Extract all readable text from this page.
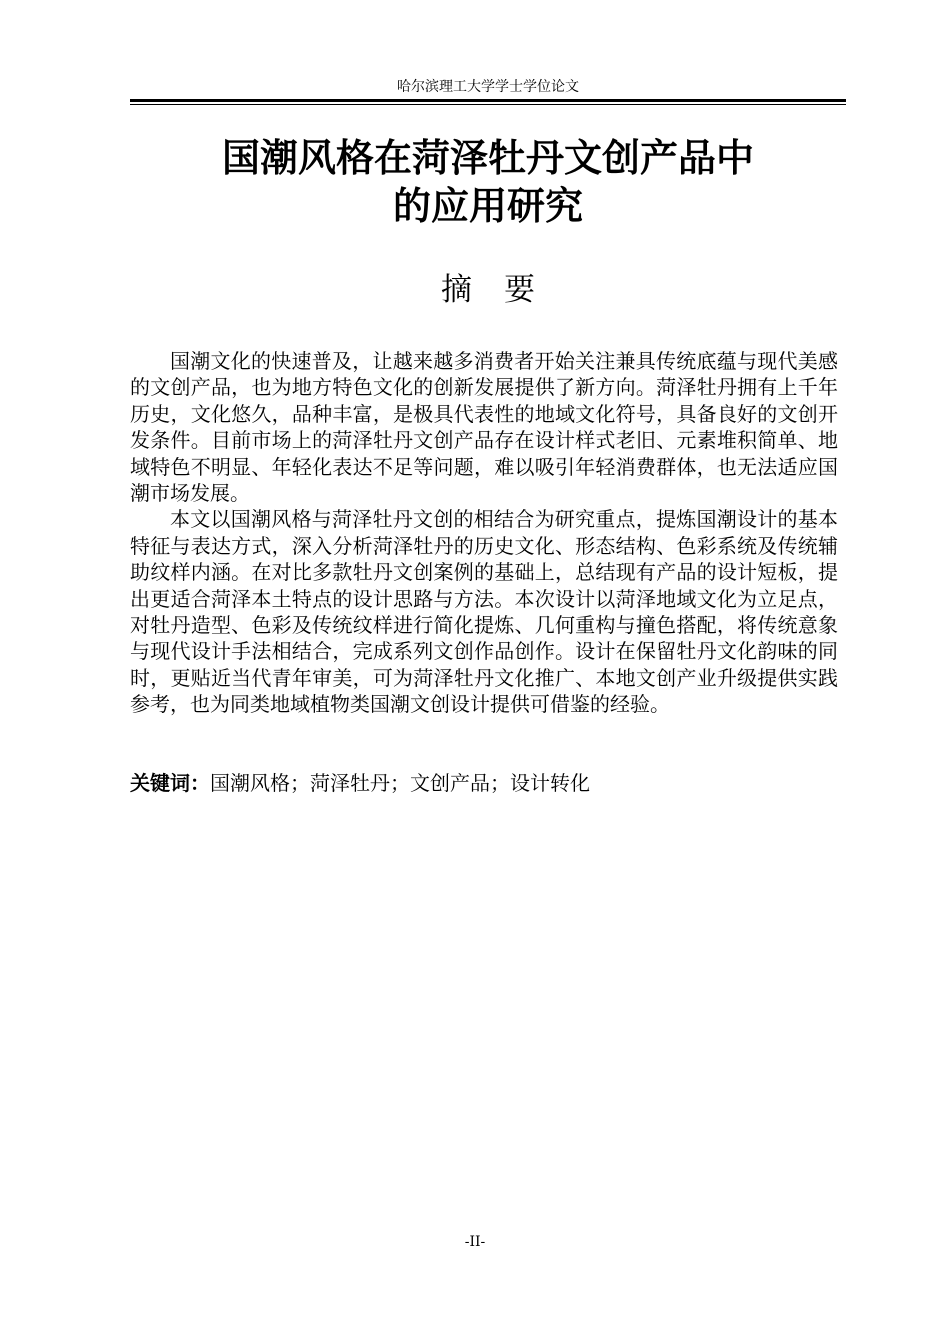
哈尔滨理工大学学士学位论文
国潮风格在菏泽牡丹文创产品中
的应用研究
摘要

国潮文化的快速普及，让越来越多消费者开始关注兼具传统底蕴与现代美感的文创产品，也为地方特色文化的创新发展提供了新方向。菏泽牡丹拥有上千年历史，文化悠久，品种丰富，是极具代表性的地域文化符号，具备良好的文创开发条件。目前市场上的菏泽牡丹文创产品存在设计样式老旧、元素堆积简单、地域特色不明显、年轻化表达不足等问题，难以吸引年轻消费群体，也无法适应国潮市场发展。

本文以国潮风格与菏泽牡丹文创的相结合为研究重点，提炼国潮设计的基本特征与表达方式，深入分析菏泽牡丹的历史文化、形态结构、色彩系统及传统辅助纹样内涵。在对比多款牡丹文创案例的基础上，总结现有产品的设计短板，提出更适合菏泽本土特点的设计思路与方法。本次设计以菏泽地域文化为立足点，对牡丹造型、色彩及传统纹样进行简化提炼、几何重构与撞色搭配，将传统意象与现代设计手法相结合，完成系列文创作品创作。设计在保留牡丹文化韵味的同时，更贴近当代青年审美，可为菏泽牡丹文化推广、本地文创产业升级提供实践参考，也为同类地域植物类国潮文创设计提供可借鉴的经验。

关键词：国潮风格；菏泽牡丹；文创产品；设计转化
-II-
